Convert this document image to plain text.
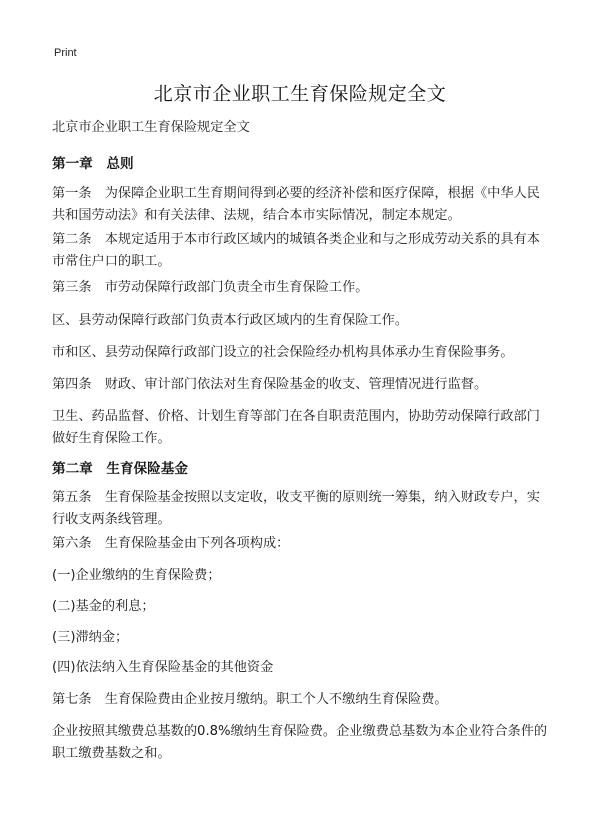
Print
北京市企业职工生育保险规定全文
北京市企业职工生育保险规定全文
第一章　总则
第一条　为保障企业职工生育期间得到必要的经济补偿和医疗保障，根据《中华人民共和国劳动法》和有关法律、法规，结合本市实际情况，制定本规定。
第二条　本规定适用于本市行政区域内的城镇各类企业和与之形成劳动关系的具有本市常住户口的职工。
第三条　市劳动保障行政部门负责全市生育保险工作。
区、县劳动保障行政部门负责本行政区域内的生育保险工作。
市和区、县劳动保障行政部门设立的社会保险经办机构具体承办生育保险事务。
第四条　财政、审计部门依法对生育保险基金的收支、管理情况进行监督。
卫生、药品监督、价格、计划生育等部门在各自职责范围内，协助劳动保障行政部门做好生育保险工作。
第二章　生育保险基金
第五条　生育保险基金按照以支定收，收支平衡的原则统一筹集，纳入财政专户，实行收支两条线管理。
第六条　生育保险基金由下列各项构成：
(一)企业缴纳的生育保险费；
(二)基金的利息；
(三)滞纳金；
(四)依法纳入生育保险基金的其他资金
第七条　生育保险费由企业按月缴纳。职工个人不缴纳生育保险费。
企业按照其缴费总基数的0.8%缴纳生育保险费。企业缴费总基数为本企业符合条件的职工缴费基数之和。
